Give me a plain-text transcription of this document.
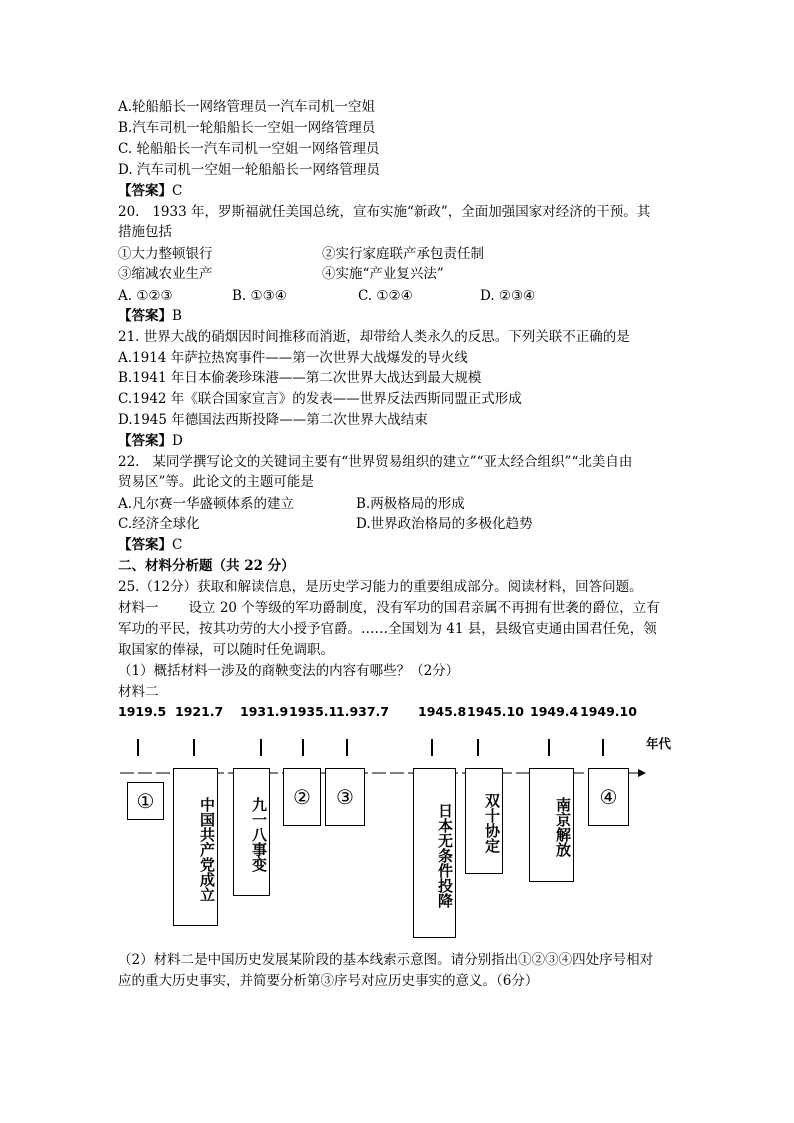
A.轮船船长一网络管理员一汽车司机一空姐
B.汽车司机一轮船船长一空姐一网络管理员
C. 轮船船长一汽车司机一空姐一网络管理员
D. 汽车司机一空姐一轮船船长一网络管理员
【答案】C
20.   1933 年，罗斯福就任美国总统，宣布实施“新政”，全面加强国家对经济的干预。其
措施包括
①大力整顿银行	②实行家庭联产承包责任制
③缩减农业生产	④实施“产业复兴法”
A. ①②③	B. ①③④	C. ①②④	D. ②③④
【答案】B
21. 世界大战的硝烟因时间推移而消逝，却带给人类永久的反思。下列关联不正确的是
A.1914 年萨拉热窝事件——第一次世界大战爆发的导火线
B.1941 年日本偷袭珍珠港——第二次世界大战达到最大规模
C.1942 年《联合国家宣言》的发表——世界反法西斯同盟正式形成
D.1945 年德国法西斯投降——第二次世界大战结束
【答案】D
22.   某同学撰写论文的关键词主要有“世界贸易组织的建立”“亚太经合组织”“北美自由
贸易区”等。此论文的主题可能是
A.凡尔赛一华盛顿体系的建立	B.两极格局的形成
C.经济全球化	D.世界政治格局的多极化趋势
【答案】C
二、材料分析题（共 22 分）
25.（12分）获取和解读信息，是历史学习能力的重要组成部分。阅读材料，回答问题。
材料一       设立 20 个等级的军功爵制度，没有军功的国君亲属不再拥有世袭的爵位，立有
军功的平民，按其功劳的大小授予官爵。……全国划为 41 县，县级官吏通由国君任免，领
取国家的俸禄，可以随时任免调职。
（1）概括材料一涉及的商鞅变法的内容有哪些？（2分）
材料二
1919.5 1921.7 1931.9 1935.1
1.937.7 1945.8 1945.10 1949.4 1949.10
年代
①	中国共产党成立	九一八事变	②	③
日本无条件投降	双十协定	南京解放
④
（2）材料二是中国历史发展某阶段的基本线索示意图。请分别指出①②③④四处序号相对
应的重大历史事实，并简要分析第③序号对应历史事实的意义。（6分）
